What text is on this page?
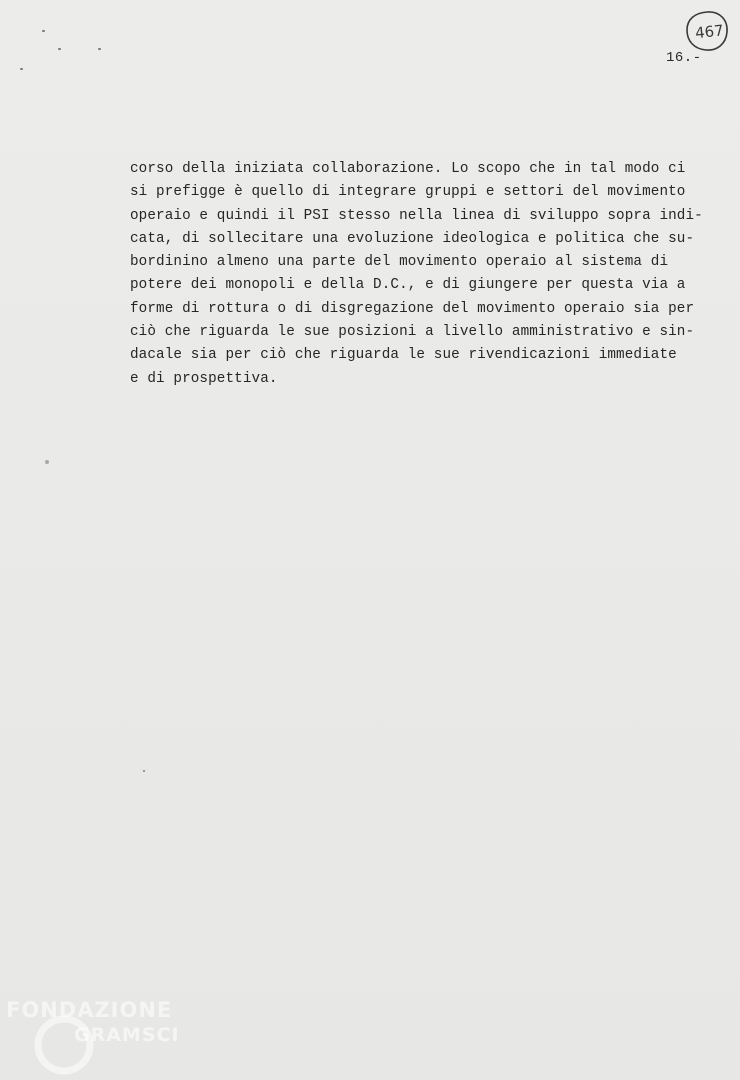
467
16.-
corso della iniziata collaborazione. Lo scopo che in tal modo ci
si prefigge è quello di integrare gruppi e settori del movimento
operaio e quindi il PSI stesso nella linea di sviluppo sopra indi-
cata, di sollecitare una evoluzione ideologica e politica che su-
bordinino almeno una parte del movimento operaio al sistema di
potere dei monopoli e della D.C., e di giungere per questa via a
forme di rottura o di disgregazione del movimento operaio sia per
ciò che riguarda le sue posizioni a livello amministrativo e sin-
dacale sia per ciò che riguarda le sue rivendicazioni immediate
e di prospettiva.
FONDAZIONE
GRAMSCI
